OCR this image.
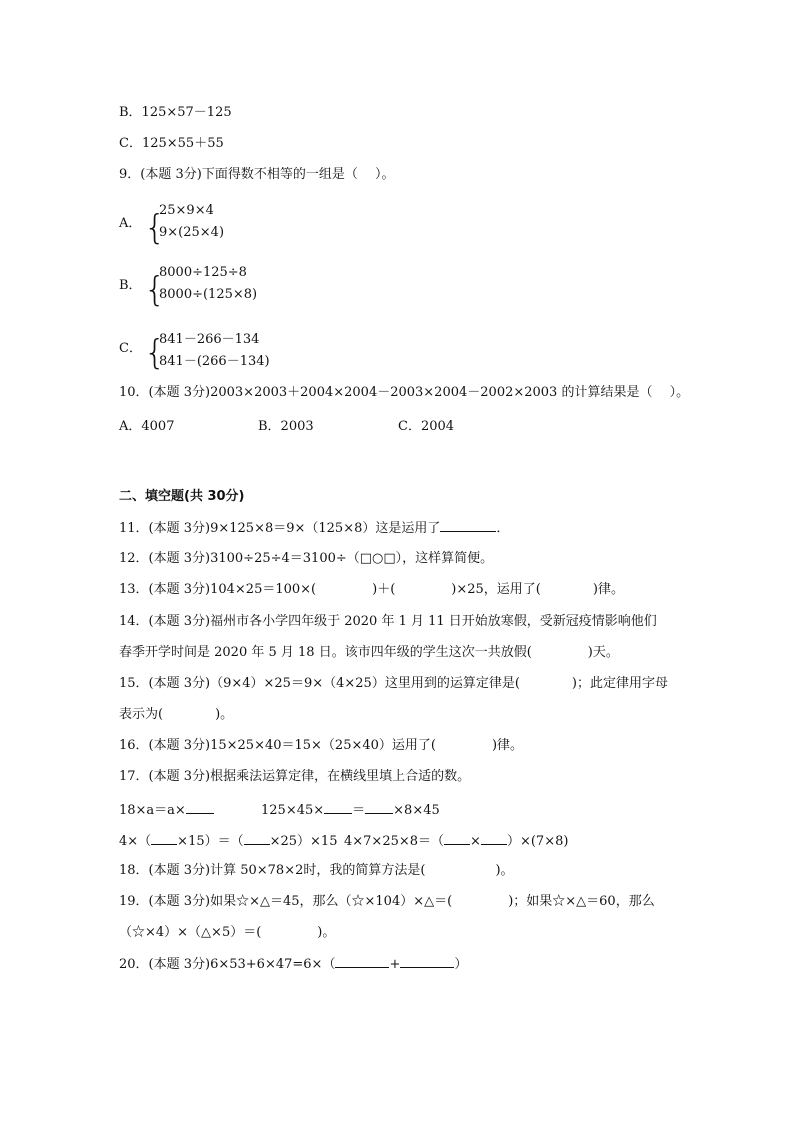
B．125×57－125
C．125×55＋55
9．(本题 3分)下面得数不相等的一组是（　 ）。
A． {
25×9×4
9×(25×4)
B． {
8000÷125÷8
8000÷(125×8)
C． {
841－266－134
841－(266－134)
10．(本题 3分)2003×2003＋2004×2004－2003×2004－2002×2003 的计算结果是（　 ）。
A．4007	B．2003	C．2004
二、填空题(共 30分)
11．(本题 3分)9×125×8＝9×（125×8）这是运用了	．
12．(本题 3分)3100÷25÷4＝3100÷（□○□），这样算简便。
13．(本题 3分)104×25＝100×(	)＋(	)×25，运用了(	)律。
14．(本题 3分)福州市各小学四年级于 2020 年 1 月 11 日开始放寒假，受新冠疫情影响他们
春季开学时间是 2020 年 5 月 18 日。该市四年级的学生这次一共放假(	)天。
15．(本题 3分)（9×4）×25＝9×（4×25）这里用到的运算定律是(	)；此定律用字母
表示为(	)。
16．(本题 3分)15×25×40＝15×（25×40）运用了(	)律。
17．(本题 3分)根据乘法运算定律，在横线里填上合适的数。
18×a＝a×	125×45× ＝ ×8×45
4×（ ×15）＝（ ×25）×15 4×7×25×8＝（ × ）×(7×8)
18．(本题 3分)计算 50×78×2时，我的简算方法是(	)。
19．(本题 3分)如果☆×△＝45，那么（☆×104）×△＝(	)；如果☆×△＝60，那么
（☆×4）×（△×5）＝(	)。
20．(本题 3分)6×53+6×47=6×（	+	）
